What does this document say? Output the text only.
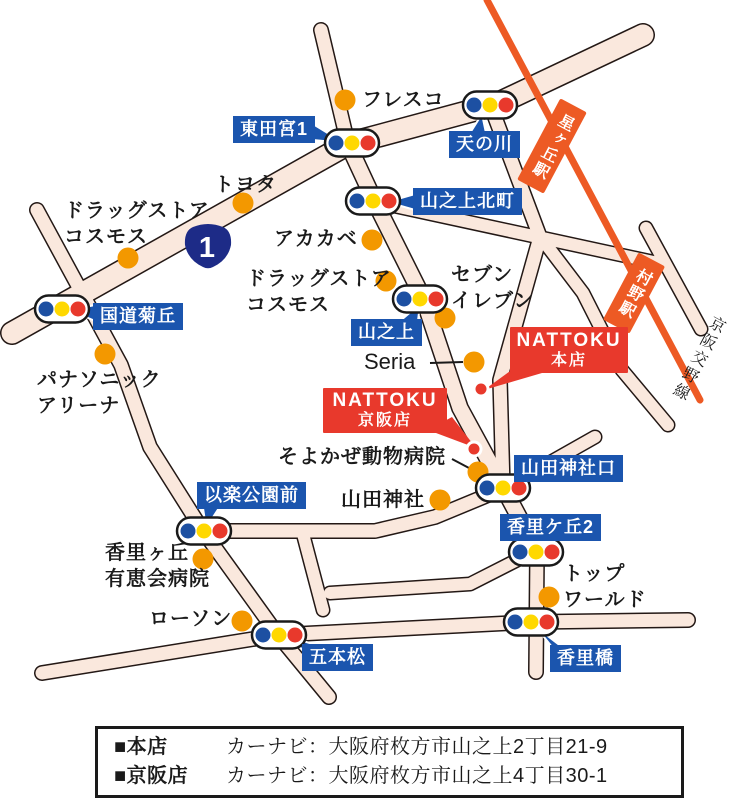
1
フレスコ
トヨタ
ドラッグストア
コスモス	アカカベ
ドラッグストア
コスモス
セブン
イレブン
Seria
パナソニック
アリーナ
そよかぜ動物病院
山田神社
香里ヶ丘
有恵会病院
ローソン
トップ
ワールド
東田宮1
天の川
山之上北町
国道菊丘
山之上
山田神社口
香里ケ丘2
以楽公園前
五本松	香里橋
星ヶ丘駅
村野駅
京阪交野線
NATTOKU
本店
NATTOKU
京阪店
■本店	カーナビ：大阪府枚方市山之上2丁目21-9
■京阪店	カーナビ：大阪府枚方市山之上4丁目30-1
